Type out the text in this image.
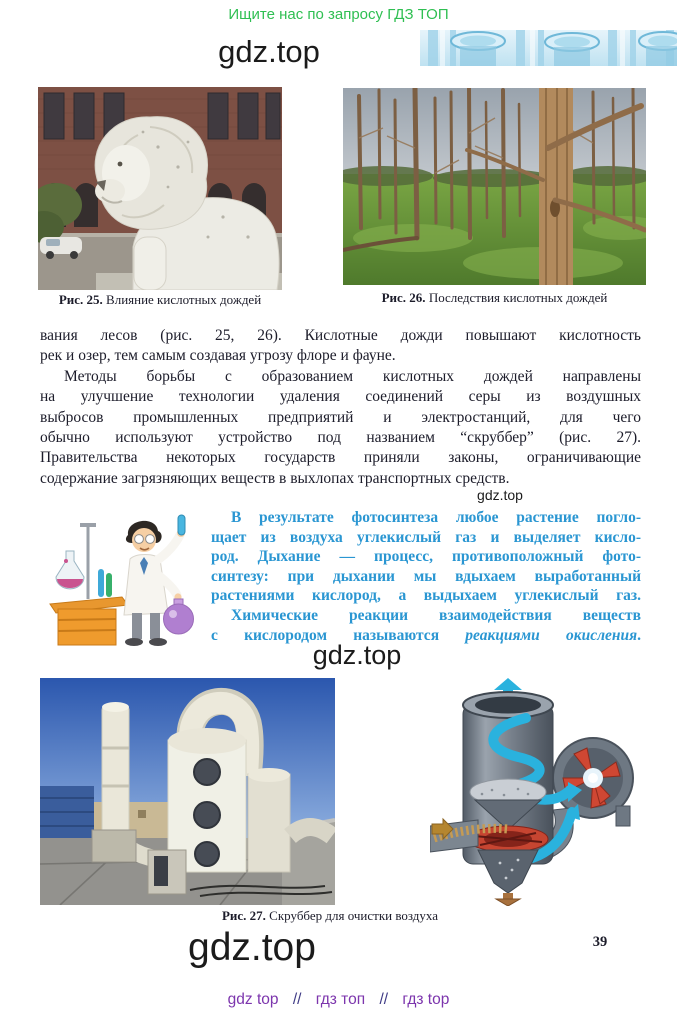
Ищите нас по запросу ГДЗ ТОП
gdz.top
Рис. 25. Влияние кислотных дождей	Рис. 26. Последствия кислотных дождей
вания лесов (рис. 25, 26). Кислотные дожди повышают кислотность
рек и озер, тем самым создавая угрозу флоре и фауне.
Методы борьбы с образованием кислотных дождей направлены
на улучшение технологии удаления соединений серы из воздушных
выбросов промышленных предприятий и электростанций, для чего
обычно используют устройство под названием “скруббер” (рис. 27).
Правительства некоторых государств приняли законы, ограничивающие
содержание загрязняющих веществ в выхлопах транспортных средств.
gdz.top
В результате фотосинтеза любое растение погло-
щает из воздуха углекислый газ и выделяет кисло-
род. Дыхание — процесс, противоположный фото-
синтезу: при дыхании мы вдыхаем выработанный
растениями кислород, а выдыхаем углекислый газ.
Химические реакции взаимодействия веществ
с кислородом называются реакциями окисления.
gdz.top
Рис. 27. Скруббер для очистки воздуха
gdz.top	39
gdz top // гдз топ // гдз top
